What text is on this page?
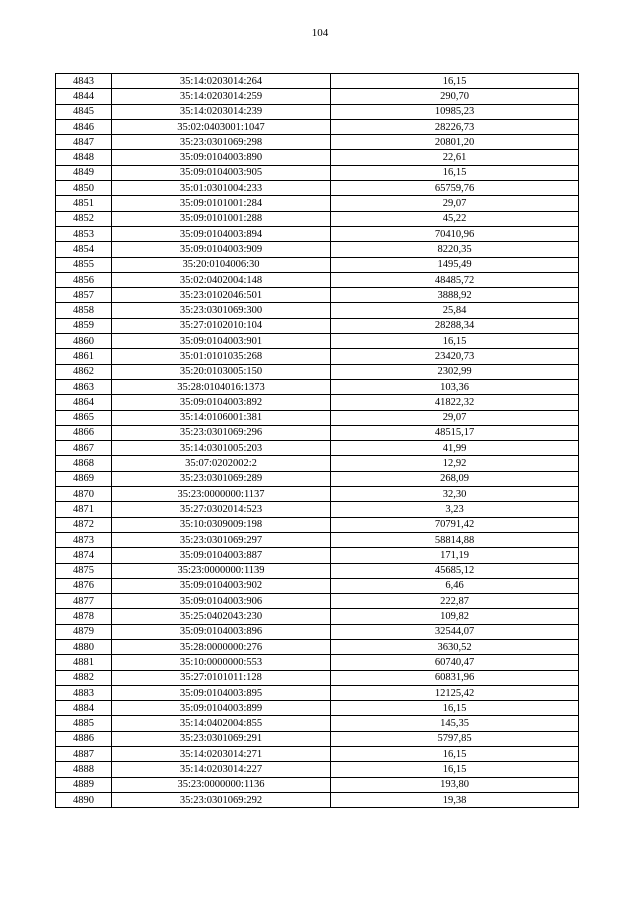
104
4843	35:14:0203014:264	16,15
4844	35:14:0203014:259	290,70
4845	35:14:0203014:239	10985,23
4846	35:02:0403001:1047	28226,73
4847	35:23:0301069:298	20801,20
4848	35:09:0104003:890	22,61
4849	35:09:0104003:905	16,15
4850	35:01:0301004:233	65759,76
4851	35:09:0101001:284	29,07
4852	35:09:0101001:288	45,22
4853	35:09:0104003:894	70410,96
4854	35:09:0104003:909	8220,35
4855	35:20:0104006:30	1495,49
4856	35:02:0402004:148	48485,72
4857	35:23:0102046:501	3888,92
4858	35:23:0301069:300	25,84
4859	35:27:0102010:104	28288,34
4860	35:09:0104003:901	16,15
4861	35:01:0101035:268	23420,73
4862	35:20:0103005:150	2302,99
4863	35:28:0104016:1373	103,36
4864	35:09:0104003:892	41822,32
4865	35:14:0106001:381	29,07
4866	35:23:0301069:296	48515,17
4867	35:14:0301005:203	41,99
4868	35:07:0202002:2	12,92
4869	35:23:0301069:289	268,09
4870	35:23:0000000:1137	32,30
4871	35:27:0302014:523	3,23
4872	35:10:0309009:198	70791,42
4873	35:23:0301069:297	58814,88
4874	35:09:0104003:887	171,19
4875	35:23:0000000:1139	45685,12
4876	35:09:0104003:902	6,46
4877	35:09:0104003:906	222,87
4878	35:25:0402043:230	109,82
4879	35:09:0104003:896	32544,07
4880	35:28:0000000:276	3630,52
4881	35:10:0000000:553	60740,47
4882	35:27:0101011:128	60831,96
4883	35:09:0104003:895	12125,42
4884	35:09:0104003:899	16,15
4885	35:14:0402004:855	145,35
4886	35:23:0301069:291	5797,85
4887	35:14:0203014:271	16,15
4888	35:14:0203014:227	16,15
4889	35:23:0000000:1136	193,80
4890	35:23:0301069:292	19,38
